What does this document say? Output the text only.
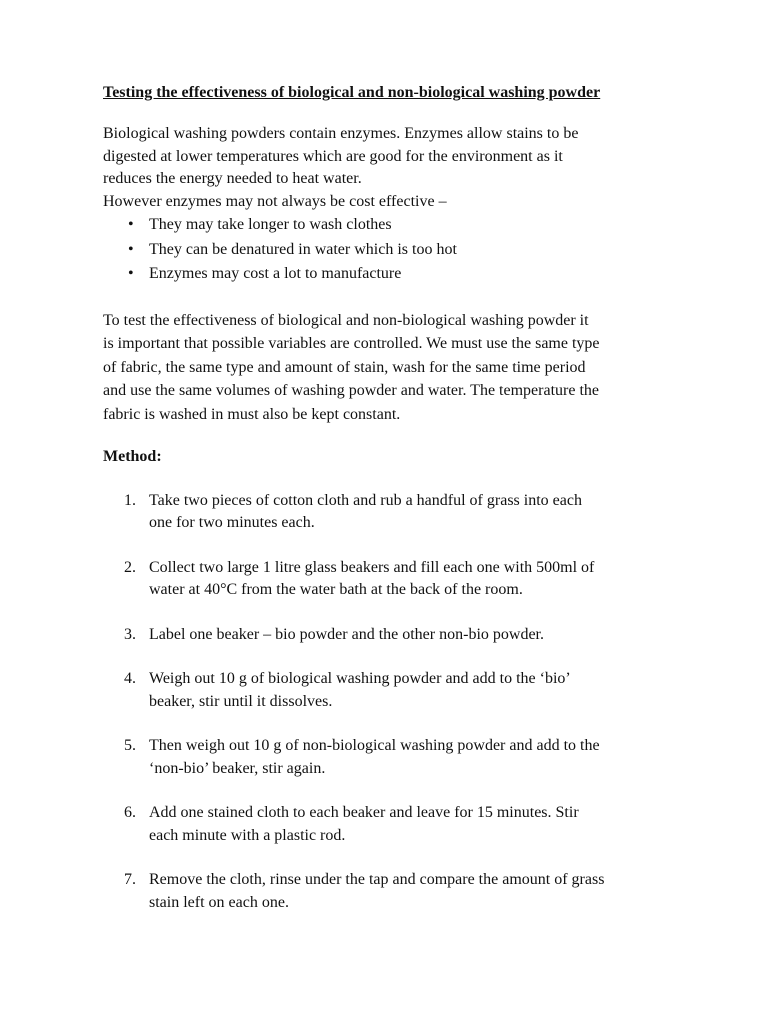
Testing the effectiveness of biological and non-biological washing powder
Biological washing powders contain enzymes. Enzymes allow stains to be
digested at lower temperatures which are good for the environment as it
reduces the energy needed to heat water.
However enzymes may not always be cost effective –
• They may take longer to wash clothes
• They can be denatured in water which is too hot
• Enzymes may cost a lot to manufacture
To test the effectiveness of biological and non-biological washing powder it
is important that possible variables are controlled. We must use the same type
of fabric, the same type and amount of stain, wash for the same time period
and use the same volumes of washing powder and water. The temperature the
fabric is washed in must also be kept constant.
Method:
1. Take two pieces of cotton cloth and rub a handful of grass into each
one for two minutes each.
2. Collect two large 1 litre glass beakers and fill each one with 500ml of
water at 40°C from the water bath at the back of the room.
3. Label one beaker – bio powder and the other non-bio powder.
4. Weigh out 10 g of biological washing powder and add to the ‘bio’
beaker, stir until it dissolves.
5. Then weigh out 10 g of non-biological washing powder and add to the
‘non-bio’ beaker, stir again.
6. Add one stained cloth to each beaker and leave for 15 minutes. Stir
each minute with a plastic rod.
7. Remove the cloth, rinse under the tap and compare the amount of grass
stain left on each one.
